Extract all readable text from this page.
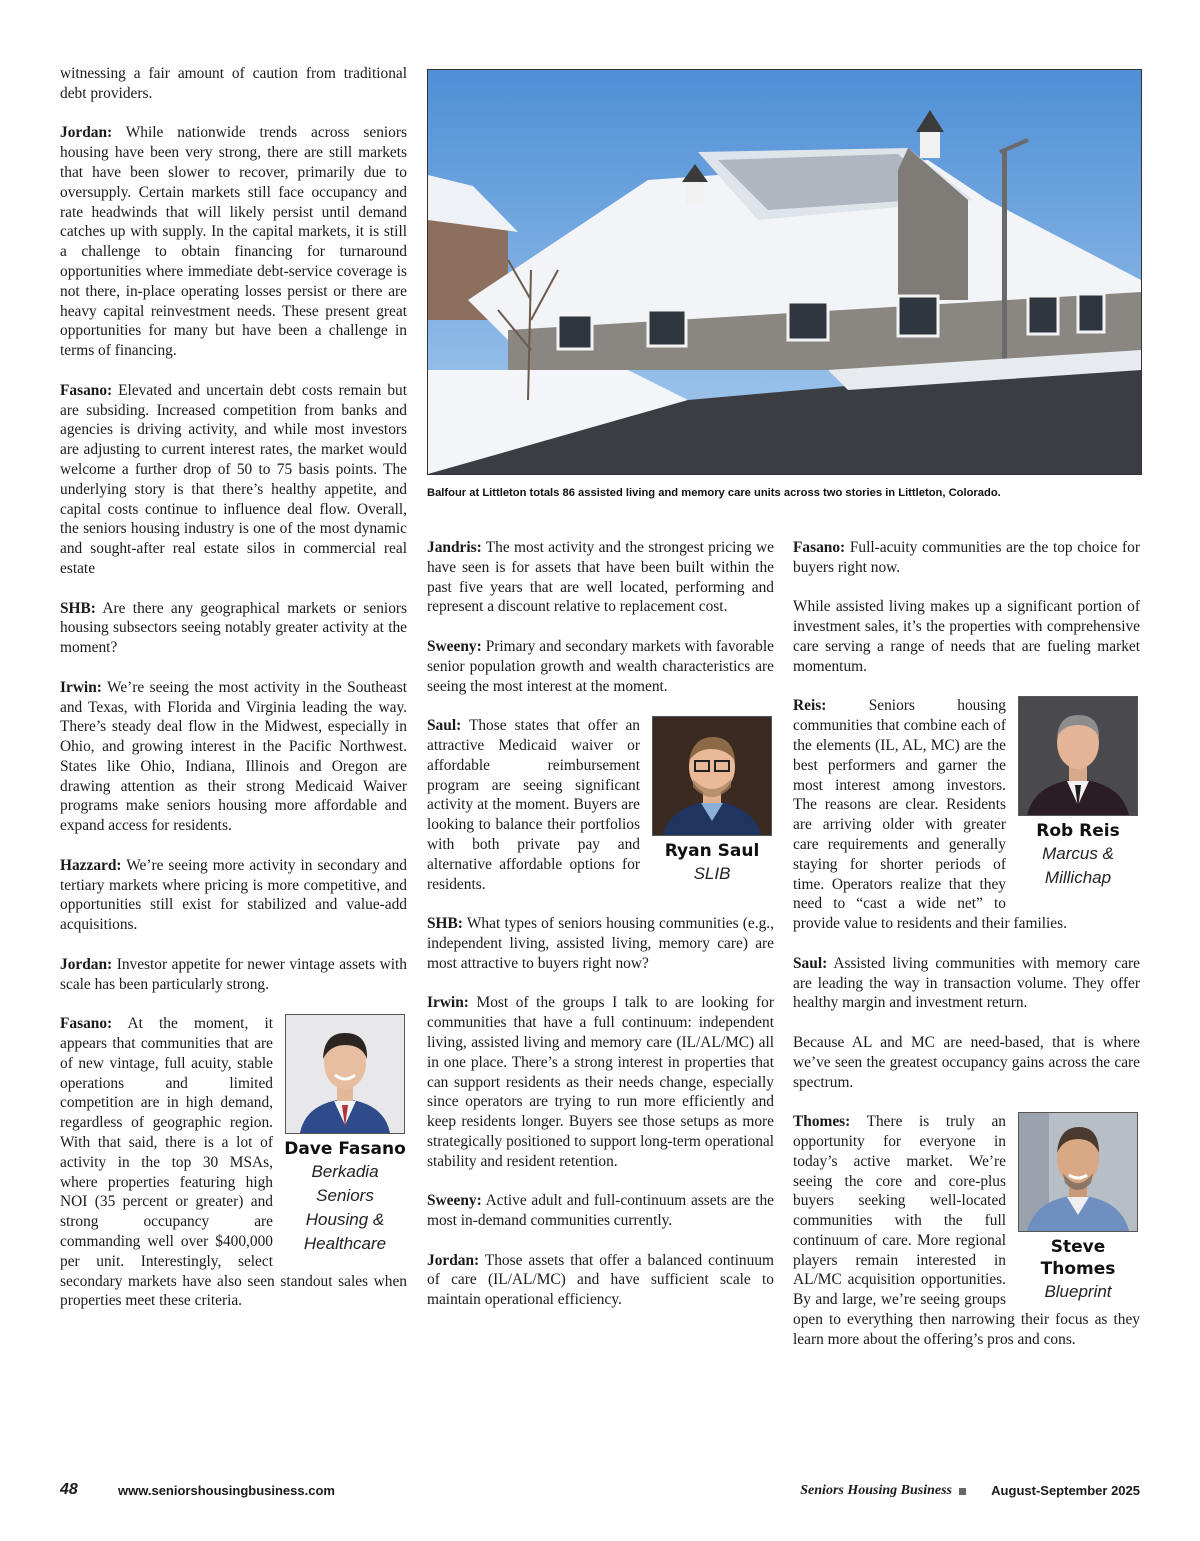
witnessing a fair amount of caution from traditional debt providers.

Jordan: While nationwide trends across seniors housing have been very strong, there are still markets that have been slower to recover, primarily due to oversupply. Certain markets still face occupancy and rate headwinds that will likely persist until demand catches up with supply. In the capital markets, it is still a challenge to obtain financing for turnaround opportunities where immediate debt-service coverage is not there, in-place operating losses persist or there are heavy capital reinvestment needs. These present great opportunities for many but have been a challenge in terms of financing.

Fasano: Elevated and uncertain debt costs remain but are subsiding. Increased competition from banks and agencies is driving activity, and while most investors are adjusting to current interest rates, the market would welcome a further drop of 50 to 75 basis points. The underlying story is that there’s healthy appetite, and capital costs continue to influence deal flow. Overall, the seniors housing industry is one of the most dynamic and sought-after real estate silos in commercial real estate

SHB: Are there any geographical markets or seniors housing subsectors seeing notably greater activity at the moment?

Irwin: We’re seeing the most activity in the Southeast and Texas, with Florida and Virginia leading the way. There’s steady deal flow in the Midwest, especially in Ohio, and growing interest in the Pacific Northwest. States like Ohio, Indiana, Illinois and Oregon are drawing attention as their strong Medicaid Waiver programs make seniors housing more affordable and expand access for residents.

Hazzard: We’re seeing more activity in secondary and tertiary markets where pricing is more competitive, and opportunities still exist for stabilized and value-add acquisitions.

Jordan: Investor appetite for newer vintage assets with scale has been particularly strong.

Dave Fasano
Berkadia
Seniors
Housing &
Healthcare

Fasano: At the moment, it appears that communities that are of new vintage, full acuity, stable operations and limited competition are in high demand, regardless of geographic region. With that said, there is a lot of activity in the top 30 MSAs, where properties featuring high NOI (35 percent or greater) and strong occupancy are commanding well over $400,000 per unit. Interestingly, select secondary markets have also seen standout sales when properties meet these criteria.

Balfour at Littleton totals 86 assisted living and memory care units across two stories in Littleton, Colorado.

Jandris: The most activity and the strongest pricing we have seen is for assets that have been built within the past five years that are well located, performing and represent a discount relative to replacement cost.

Sweeny: Primary and secondary markets with favorable senior population growth and wealth characteristics are seeing the most interest at the moment.

Ryan Saul
SLIB

Saul: Those states that offer an attractive Medicaid waiver or affordable reimbursement program are seeing significant activity at the moment. Buyers are looking to balance their portfolios with both private pay and alternative affordable options for residents.

SHB: What types of seniors housing communities (e.g., independent living, assisted living, memory care) are most attractive to buyers right now?

Irwin: Most of the groups I talk to are looking for communities that have a full continuum: independent living, assisted living and memory care (IL/AL/MC) all in one place. There’s a strong interest in properties that can support residents as their needs change, especially since operators are trying to run more efficiently and keep residents longer. Buyers see those setups as more strategically positioned to support long-term operational stability and resident retention.

Sweeny: Active adult and full-continuum assets are the most in-demand communities currently.

Jordan: Those assets that offer a balanced continuum of care (IL/AL/MC) and have sufficient scale to maintain operational efficiency.

Fasano: Full-acuity communities are the top choice for buyers right now.

While assisted living makes up a significant portion of investment sales, it’s the properties with comprehensive care serving a range of needs that are fueling market momentum.

Rob Reis
Marcus &
Millichap

Reis:	Seniors housing communities that combine each of the elements (IL, AL, MC) are the best performers and garner the most interest among investors. The reasons are clear. Residents are arriving older with greater care requirements and generally staying for shorter periods of time. Operators realize that they need to “cast a wide net” to provide value to residents and their families.

Saul: Assisted living communities with memory care are leading the way in transaction volume. They offer healthy margin and investment return.

Because AL and MC are need-based, that is where we’ve seen the greatest occupancy gains across the care spectrum.

Steve
Thomes
Blueprint

Thomes: There is truly an opportunity for everyone in today’s active market. We’re seeing the core and core-plus buyers seeking well-located communities with the full continuum of care. More regional players remain interested in AL/MC acquisition opportunities. By and large, we’re seeing groups open to everything then narrowing their focus as they learn more about the offering’s pros and cons.

48	www.seniorshousingbusiness.com	Seniors Housing Business	August-September 2025
